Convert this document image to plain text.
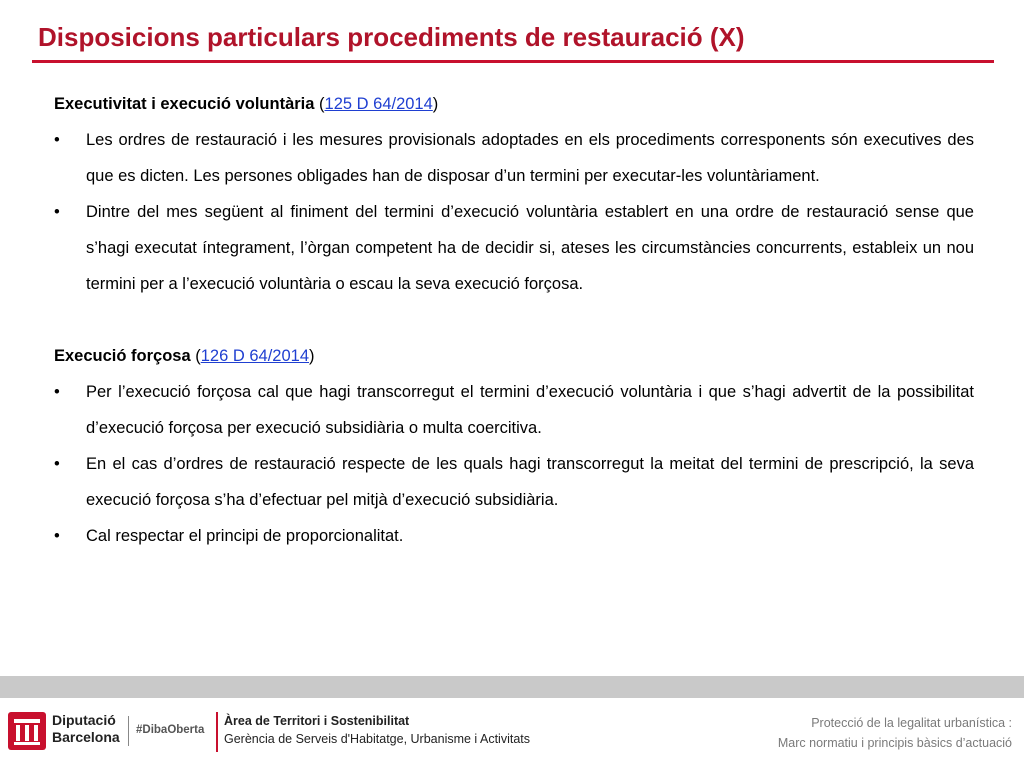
Disposicions particulars procediments de restauració (X)
Executivitat i execució voluntària (125 D 64/2014)
• Les ordres de restauració i les mesures provisionals adoptades en els procediments corresponents són executives des que es dicten. Les persones obligades han de disposar d’un termini per executar-les voluntàriament.
• Dintre del mes següent al finiment del termini d’execució voluntària establert en una ordre de restauració sense que s’hagi executat íntegrament, l’òrgan competent ha de decidir si, ateses les circumstàncies concurrents, estableix un nou termini per a l’execució voluntària o escau la seva execució forçosa.
Execució forçosa (126 D 64/2014)
• Per l’execució forçosa cal que hagi transcorregut el termini d’execució voluntària i que s’hagi advertit de la possibilitat d’execució forçosa per execució subsidiària o multa coercitiva.
• En el cas d’ordres de restauració respecte de les quals hagi transcorregut la meitat del termini de prescripció, la seva execució forçosa s’ha d’efectuar pel mitjà d’execució subsidiària.
• Cal respectar el principi de proporcionalitat.
Diputació
Barcelona #DibaOberta
Àrea de Territori i Sostenibilitat
Gerència de Serveis d'Habitatge, Urbanisme i Activitats
Protecció de la legalitat urbanística :
Marc normatiu i principis bàsics d’actuació
